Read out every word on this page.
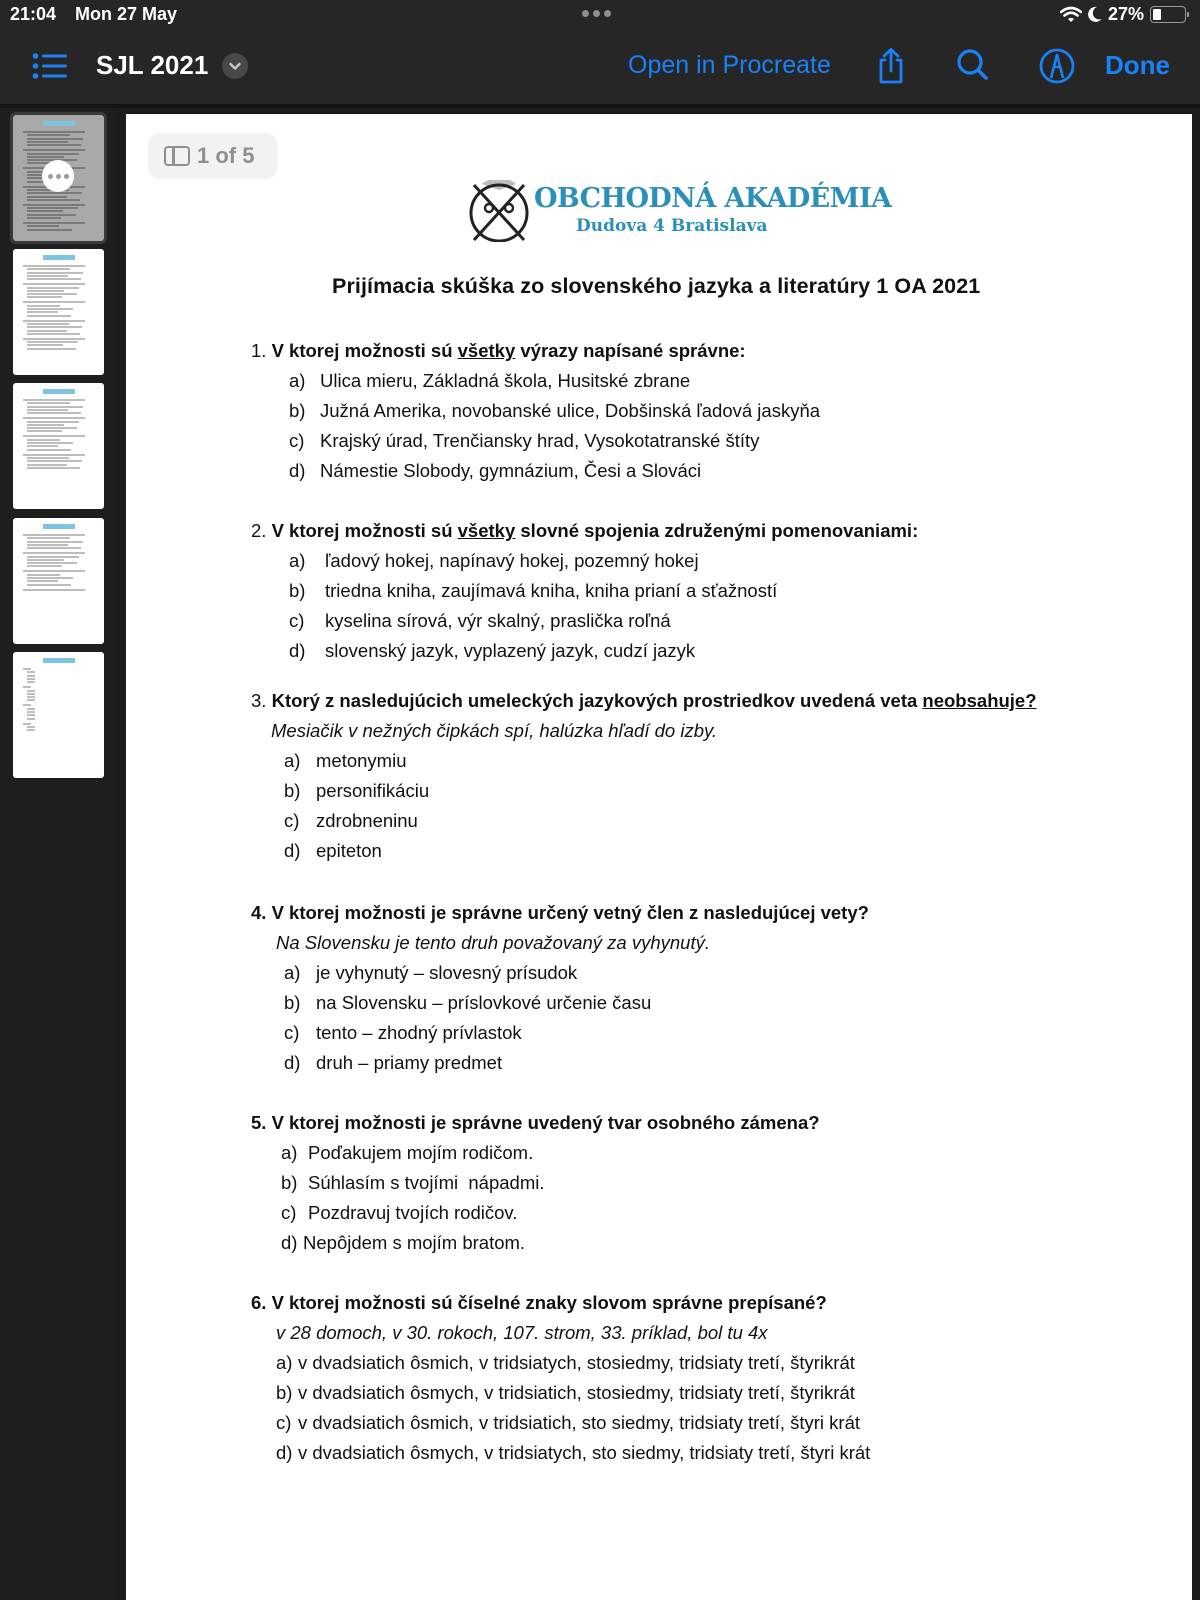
21:04 Mon 27 May	27%
SJL 2021	Open in Procreate	Done
1 of 5
OBCHODNÁ AKADÉMIA
Dudova 4 Bratislava
Prijímacia skúška zo slovenského jazyka a literatúry 1 OA 2021
1. V ktorej možnosti sú všetky výrazy napísané správne:
a) Ulica mieru, Základná škola, Husitské zbrane
b) Južná Amerika, novobanské ulice, Dobšinská ľadová jaskyňa
c) Krajský úrad, Trenčiansky hrad, Vysokotatranské štíty
d) Námestie Slobody, gymnázium, Česi a Slováci
2. V ktorej možnosti sú všetky slovné spojenia združenými pomenovaniami:
a) ľadový hokej, napínavý hokej, pozemný hokej
b) triedna kniha, zaujímavá kniha, kniha prianí a sťažností
c) kyselina sírová, výr skalný, praslička roľná
d) slovenský jazyk, vyplazený jazyk, cudzí jazyk
3. Ktorý z nasledujúcich umeleckých jazykových prostriedkov uvedená veta neobsahuje?
Mesiačik v nežných čipkách spí, halúzka hľadí do izby.
a) metonymiu
b) personifikáciu
c) zdrobneninu
d) epiteton
4. V ktorej možnosti je správne určený vetný člen z nasledujúcej vety?
Na Slovensku je tento druh považovaný za vyhynutý.
a) je vyhynutý – slovesný prísudok
b) na Slovensku – príslovkové určenie času
c) tento – zhodný prívlastok
d) druh – priamy predmet
5. V ktorej možnosti je správne uvedený tvar osobného zámena?
a) Poďakujem mojím rodičom.
b) Súhlasím s tvojími  nápadmi.
c) Pozdravuj tvojích rodičov.
d) Nepôjdem s mojím bratom.
6. V ktorej možnosti sú číselné znaky slovom správne prepísané?
v 28 domoch, v 30. rokoch, 107. strom, 33. príklad, bol tu 4x
a) v dvadsiatich ôsmich, v tridsiatych, stosiedmy, tridsiaty tretí, štyrikrát
b) v dvadsiatich ôsmych, v tridsiatich, stosiedmy, tridsiaty tretí, štyrikrát
c) v dvadsiatich ôsmich, v tridsiatich, sto siedmy, tridsiaty tretí, štyri krát
d) v dvadsiatich ôsmych, v tridsiatych, sto siedmy, tridsiaty tretí, štyri krát
